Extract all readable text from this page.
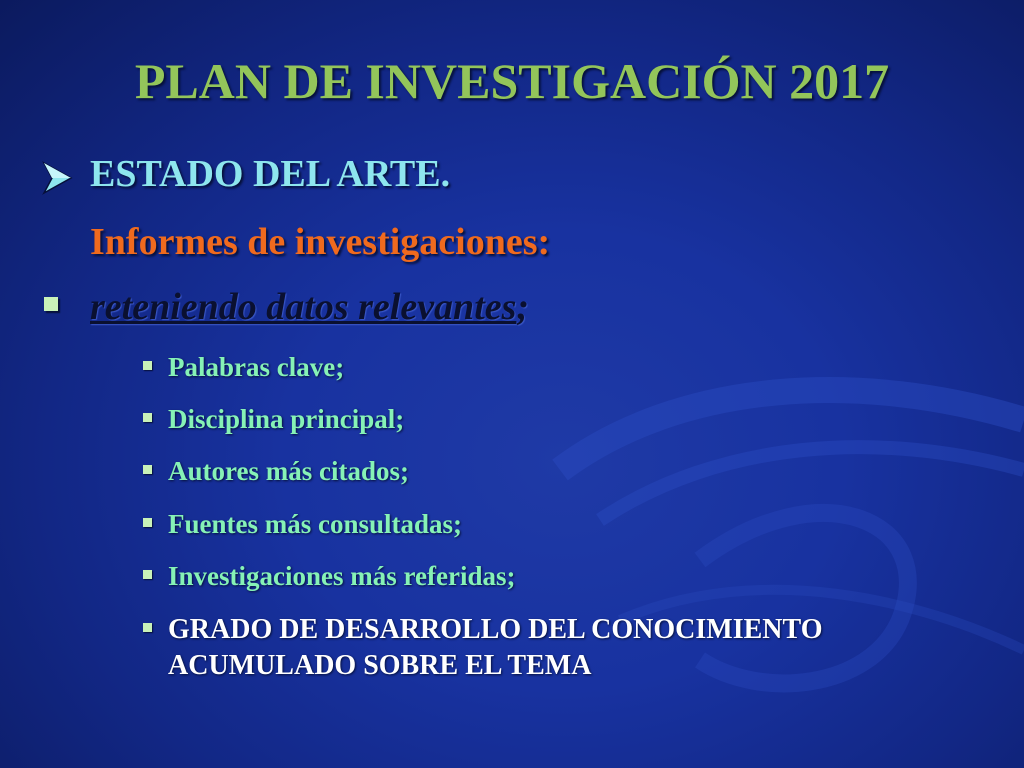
PLAN DE INVESTIGACIÓN 2017
ESTADO DEL ARTE.
Informes de investigaciones:
reteniendo datos relevantes;
Palabras clave;
Disciplina principal;
Autores más citados;
Fuentes más consultadas;
Investigaciones más referidas;
GRADO DE DESARROLLO DEL CONOCIMIENTO ACUMULADO SOBRE EL TEMA
